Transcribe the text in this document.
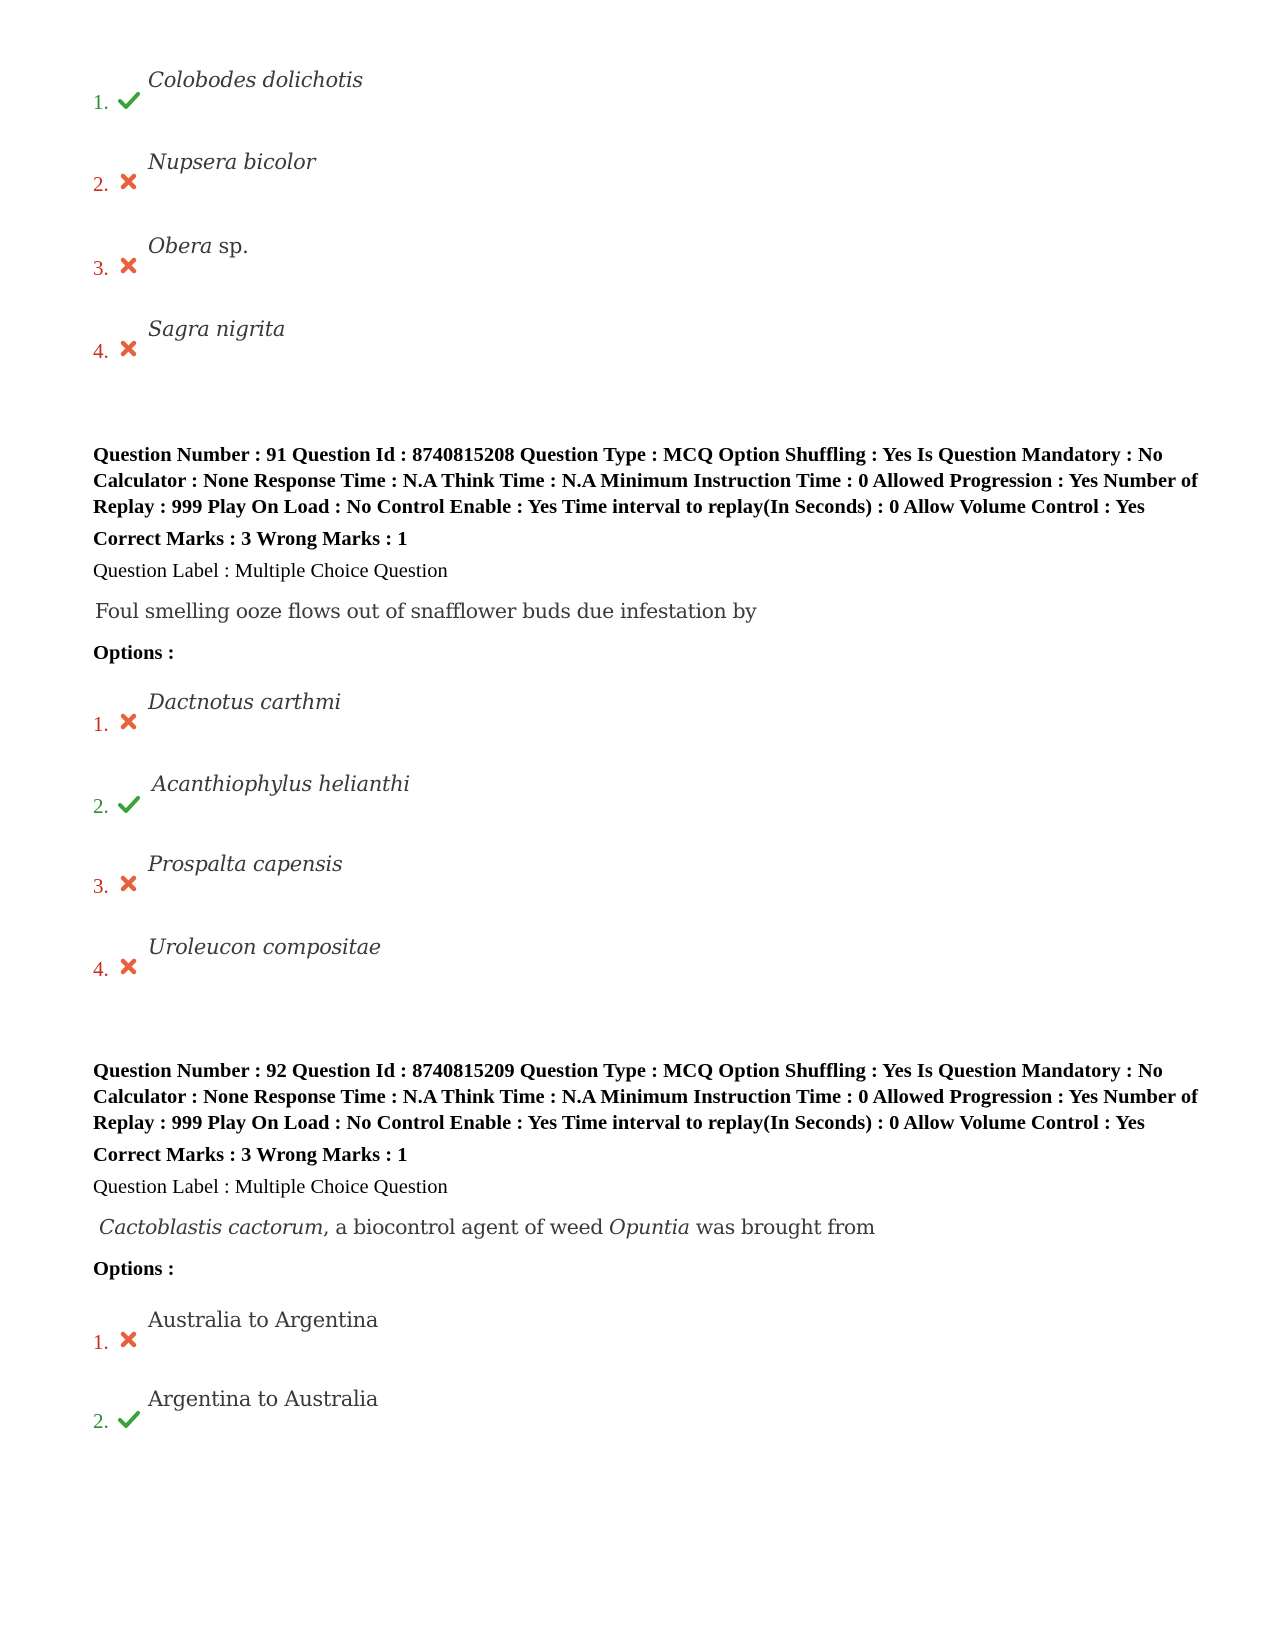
1.
Colobodes dolichotis
2.
Nupsera bicolor
3.
Obera sp.
4.
Sagra nigrita

Question Number : 91 Question Id : 8740815208 Question Type : MCQ Option Shuffling : Yes Is Question Mandatory : No Calculator : None Response Time : N.A Think Time : N.A Minimum Instruction Time : 0 Allowed Progression : Yes Number of Replay : 999 Play On Load : No Control Enable : Yes Time interval to replay(In Seconds) : 0 Allow Volume Control : Yes

Correct Marks : 3 Wrong Marks : 1
Question Label : Multiple Choice Question
Foul smelling ooze flows out of snafflower buds due infestation by
Options :
1.
Dactnotus carthmi
2.
Acanthiophylus helianthi
3.
Prospalta capensis
4.
Uroleucon compositae

Question Number : 92 Question Id : 8740815209 Question Type : MCQ Option Shuffling : Yes Is Question Mandatory : No Calculator : None Response Time : N.A Think Time : N.A Minimum Instruction Time : 0 Allowed Progression : Yes Number of Replay : 999 Play On Load : No Control Enable : Yes Time interval to replay(In Seconds) : 0 Allow Volume Control : Yes

Correct Marks : 3 Wrong Marks : 1
Question Label : Multiple Choice Question
Cactoblastis cactorum, a biocontrol agent of weed Opuntia was brought from
Options :
1.
Australia to Argentina
2.
Argentina to Australia
